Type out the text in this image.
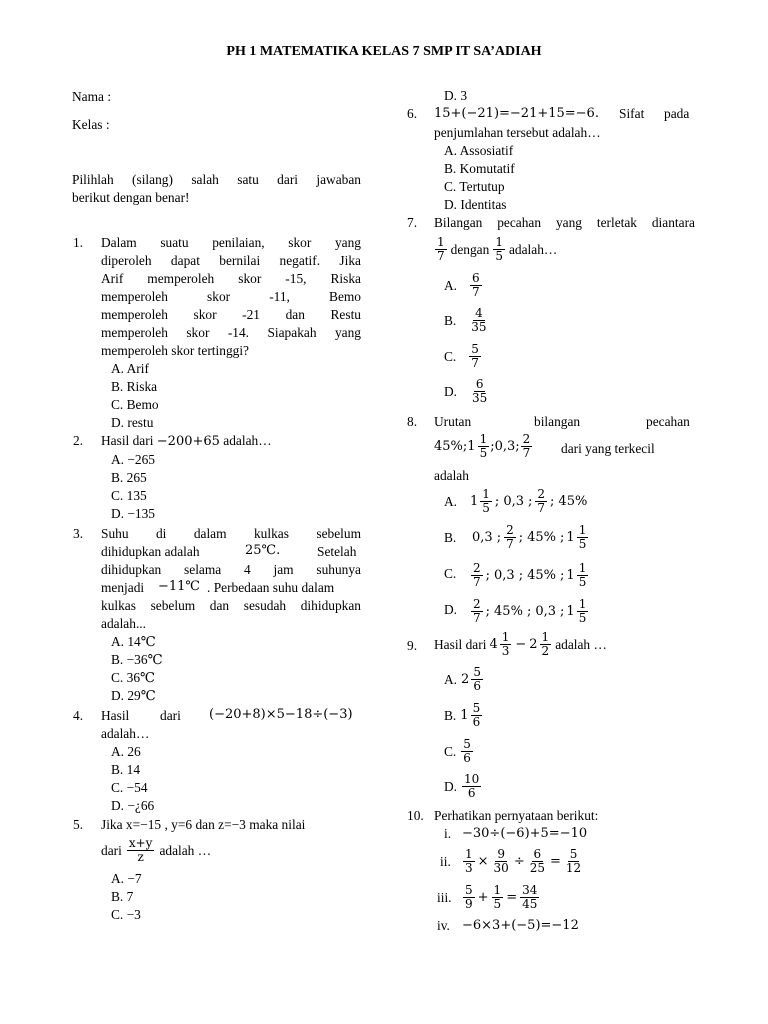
PH 1 MATEMATIKA KELAS 7 SMP IT SA’ADIAH
Nama :
Kelas :
Pilihlah (silang) salah satu dari jawaban
berikut dengan benar!
1. Dalam suatu penilaian, skor yang
diperoleh dapat bernilai negatif. Jika
Arif memperoleh skor -15, Riska
memperoleh skor -11, Bemo
memperoleh skor -21 dan Restu
memperoleh skor -14. Siapakah yang
memperoleh skor tertinggi?
A. Arif
B. Riska
C. Bemo
D. restu
2. Hasil dari −200+65 adalah…
A. −265
B. 265
C. 135
D. −135
3. Suhu di dalam kulkas sebelum
dihidupkan adalah	25℃.	Setelah
dihidupkan selama 4 jam suhunya
menjadi −11℃ . Perbedaan suhu dalam
kulkas sebelum dan sesudah dihidupkan
adalah...
A. 14℃
B. −36℃
C. 36℃
D. 29℃
4. Hasil dari (−20+8)×5−18÷(−3)
adalah…
A. 26
B. 14
C. −54
D. −¿66
5. Jika x=−15 , y=6 dan z=−3 maka nilai
dari $\frac{x+y}{z}$ adalah …
A. −7
B. 7
C. −3
D. 3
6. 15+(−21)=−21+15=−6. Sifat pada
penjumlahan tersebut adalah…
A. Assosiatif
B. Komutatif
C. Tertutup
D. Identitas
7. Bilangan pecahan yang terletak diantara
$\frac{1}{7}$ dengan $\frac{1}{5}$ adalah…
A. $\frac{6}{7}$
B. $\frac{4}{35}$
C. $\frac{5}{7}$
D. $\frac{6}{35}$
8. Urutan	bilangan	pecahan
45%; $1 \frac{1}{5}$ ;0,3; $\frac{2}{7}$ dari yang terkecil
adalah
A. $1 \frac{1}{5}$ ; 0,3 ; $\frac{2}{7}$ ; 45%
B. 0,3 ; $\frac{2}{7}$ ; 45% ; $1 \frac{1}{5}$
C. $\frac{2}{7}$ ; 0,3 ; 45% ; $1 \frac{1}{5}$
D. $\frac{2}{7}$ ; 45% ; 0,3 ; $1 \frac{1}{5}$
9. Hasil dari $4 \frac{1}{3} - 2 \frac{1}{2}$ adalah …
A. $2 \frac{5}{6}$
B. $1 \frac{5}{6}$
C. $\frac{5}{6}$
D. $\frac{10}{6}$
10. Perhatikan pernyataan berikut:
i. −30÷(−6)+5=−10
ii. $\frac{1}{3} \times \frac{9}{30} \div \frac{6}{25} = \frac{5}{12}$
iii. $\frac{5}{9} + \frac{1}{5} = \frac{34}{45}$
iv. −6×3+(−5)=−12
